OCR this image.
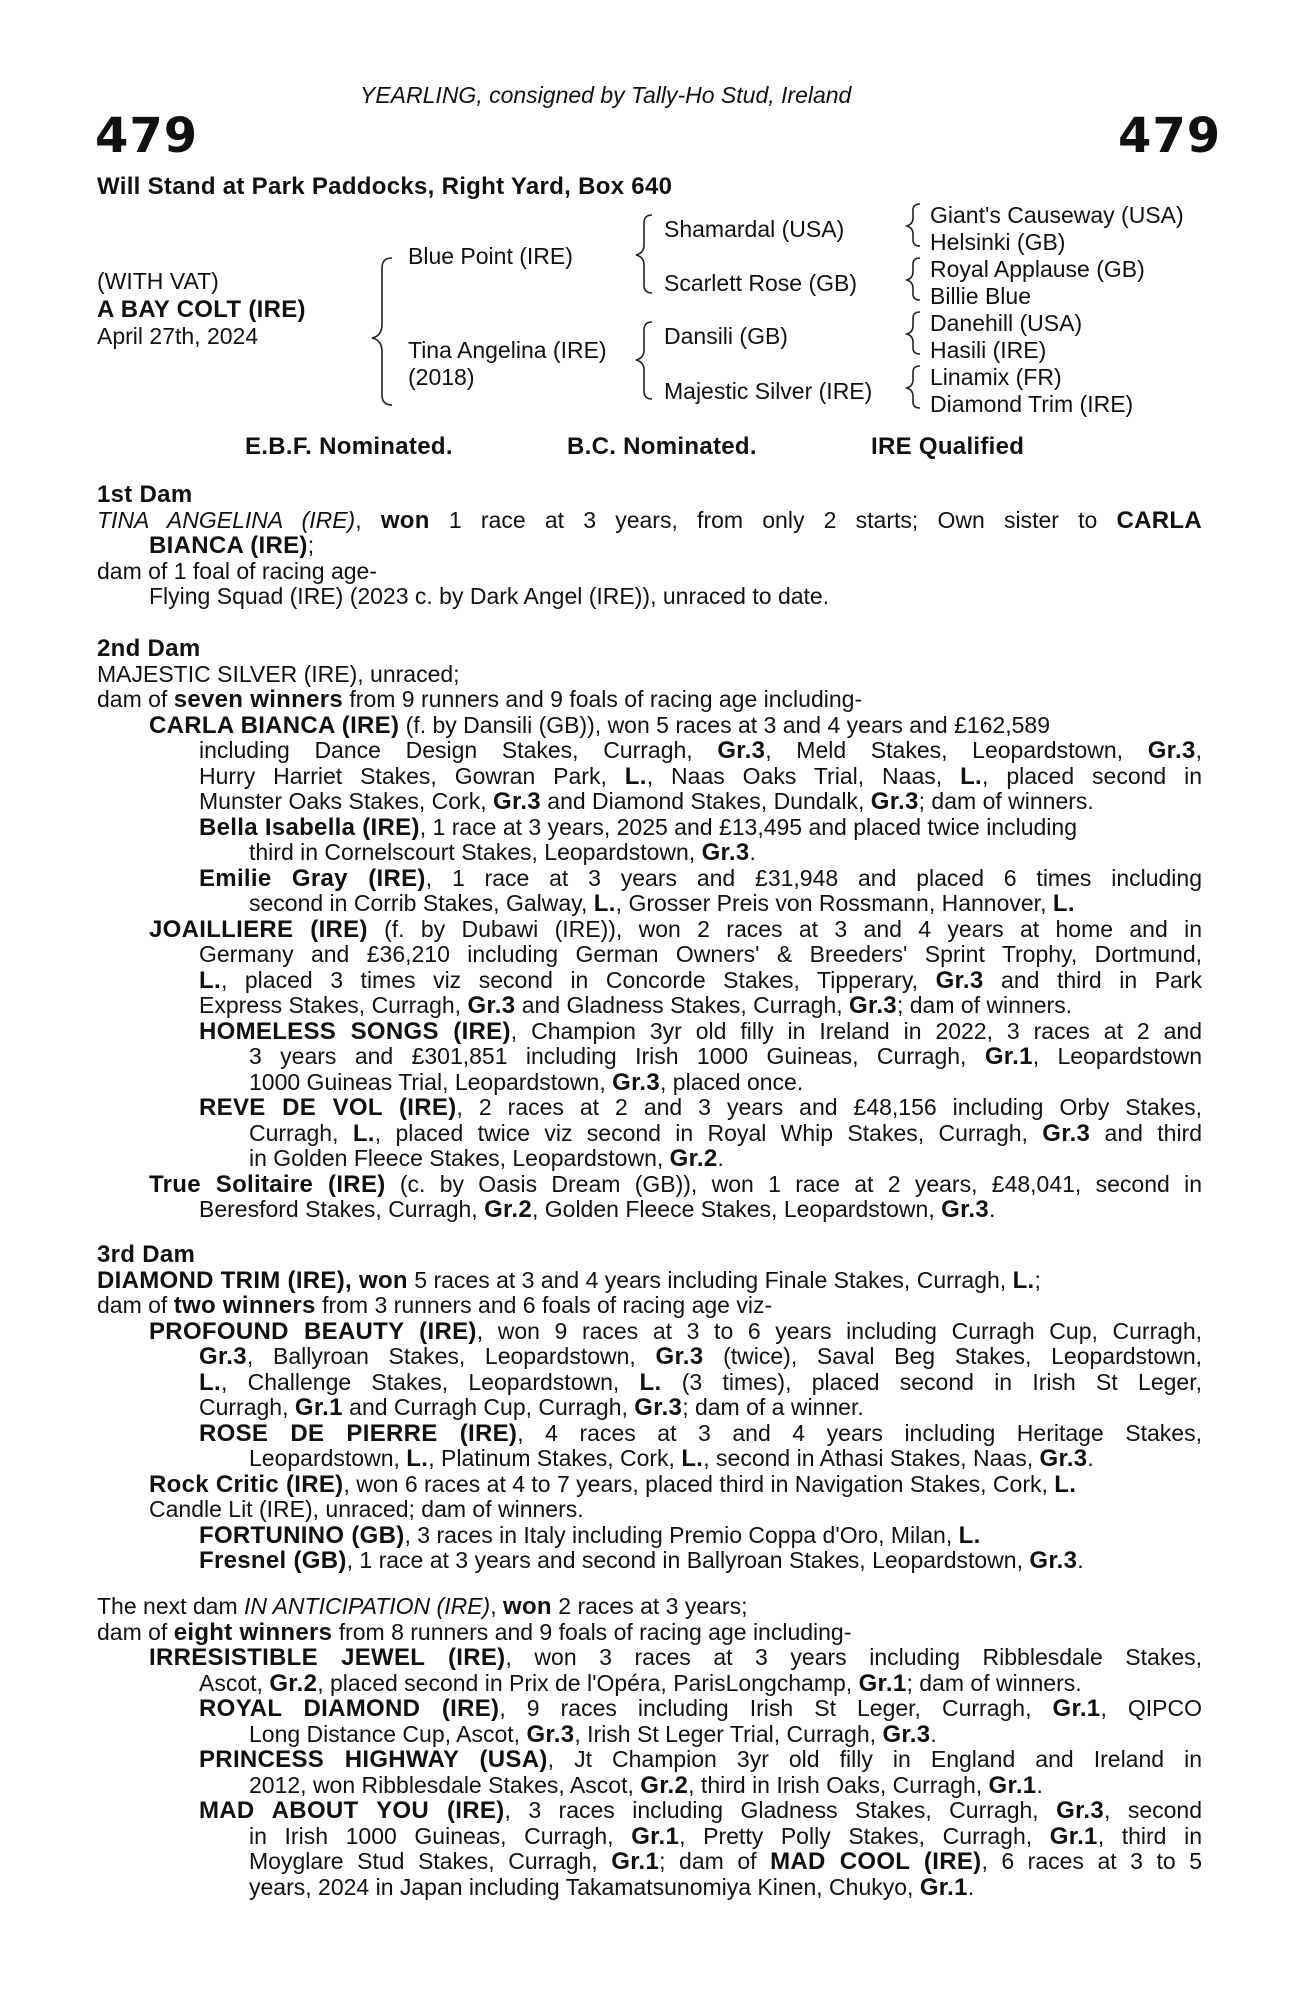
YEARLING, consigned by Tally-Ho Stud, Ireland
479	479
Will Stand at Park Paddocks, Right Yard, Box 640
(WITH VAT)
A BAY COLT (IRE)
April 27th, 2024
Blue Point (IRE)
Tina Angelina (IRE)
(2018)
Shamardal (USA)
Scarlett Rose (GB)
Dansili (GB)
Majestic Silver (IRE)
Giant's Causeway (USA)
Helsinki (GB)
Royal Applause (GB)
Billie Blue
Danehill (USA)
Hasili (IRE)
Linamix (FR)
Diamond Trim (IRE)
E.B.F. Nominated.	B.C. Nominated.	IRE Qualified
1st Dam
TINA ANGELINA (IRE), won 1 race at 3 years, from only 2 starts; Own sister to CARLA
BIANCA (IRE);
dam of 1 foal of racing age-
Flying Squad (IRE) (2023 c. by Dark Angel (IRE)), unraced to date.
2nd Dam
MAJESTIC SILVER (IRE), unraced;
dam of seven winners from 9 runners and 9 foals of racing age including-
CARLA BIANCA (IRE) (f. by Dansili (GB)), won 5 races at 3 and 4 years and £162,589
including Dance Design Stakes, Curragh, Gr.3, Meld Stakes, Leopardstown, Gr.3,
Hurry Harriet Stakes, Gowran Park, L., Naas Oaks Trial, Naas, L., placed second in
Munster Oaks Stakes, Cork, Gr.3 and Diamond Stakes, Dundalk, Gr.3; dam of winners.
Bella Isabella (IRE), 1 race at 3 years, 2025 and £13,495 and placed twice including
third in Cornelscourt Stakes, Leopardstown, Gr.3.
Emilie Gray (IRE), 1 race at 3 years and £31,948 and placed 6 times including
second in Corrib Stakes, Galway, L., Grosser Preis von Rossmann, Hannover, L.
JOAILLIERE (IRE) (f. by Dubawi (IRE)), won 2 races at 3 and 4 years at home and in
Germany and £36,210 including German Owners' & Breeders' Sprint Trophy, Dortmund,
L., placed 3 times viz second in Concorde Stakes, Tipperary, Gr.3 and third in Park
Express Stakes, Curragh, Gr.3 and Gladness Stakes, Curragh, Gr.3; dam of winners.
HOMELESS SONGS (IRE), Champion 3yr old filly in Ireland in 2022, 3 races at 2 and
3 years and £301,851 including Irish 1000 Guineas, Curragh, Gr.1, Leopardstown
1000 Guineas Trial, Leopardstown, Gr.3, placed once.
REVE DE VOL (IRE), 2 races at 2 and 3 years and £48,156 including Orby Stakes,
Curragh, L., placed twice viz second in Royal Whip Stakes, Curragh, Gr.3 and third
in Golden Fleece Stakes, Leopardstown, Gr.2.
True Solitaire (IRE) (c. by Oasis Dream (GB)), won 1 race at 2 years, £48,041, second in
Beresford Stakes, Curragh, Gr.2, Golden Fleece Stakes, Leopardstown, Gr.3.
3rd Dam
DIAMOND TRIM (IRE), won 5 races at 3 and 4 years including Finale Stakes, Curragh, L.;
dam of two winners from 3 runners and 6 foals of racing age viz-
PROFOUND BEAUTY (IRE), won 9 races at 3 to 6 years including Curragh Cup, Curragh,
Gr.3, Ballyroan Stakes, Leopardstown, Gr.3 (twice), Saval Beg Stakes, Leopardstown,
L., Challenge Stakes, Leopardstown, L. (3 times), placed second in Irish St Leger,
Curragh, Gr.1 and Curragh Cup, Curragh, Gr.3; dam of a winner.
ROSE DE PIERRE (IRE), 4 races at 3 and 4 years including Heritage Stakes,
Leopardstown, L., Platinum Stakes, Cork, L., second in Athasi Stakes, Naas, Gr.3.
Rock Critic (IRE), won 6 races at 4 to 7 years, placed third in Navigation Stakes, Cork, L.
Candle Lit (IRE), unraced; dam of winners.
FORTUNINO (GB), 3 races in Italy including Premio Coppa d'Oro, Milan, L.
Fresnel (GB), 1 race at 3 years and second in Ballyroan Stakes, Leopardstown, Gr.3.
The next dam IN ANTICIPATION (IRE), won 2 races at 3 years;
dam of eight winners from 8 runners and 9 foals of racing age including-
IRRESISTIBLE JEWEL (IRE), won 3 races at 3 years including Ribblesdale Stakes,
Ascot, Gr.2, placed second in Prix de l'Opéra, ParisLongchamp, Gr.1; dam of winners.
ROYAL DIAMOND (IRE), 9 races including Irish St Leger, Curragh, Gr.1, QIPCO
Long Distance Cup, Ascot, Gr.3, Irish St Leger Trial, Curragh, Gr.3.
PRINCESS HIGHWAY (USA), Jt Champion 3yr old filly in England and Ireland in
2012, won Ribblesdale Stakes, Ascot, Gr.2, third in Irish Oaks, Curragh, Gr.1.
MAD ABOUT YOU (IRE), 3 races including Gladness Stakes, Curragh, Gr.3, second
in Irish 1000 Guineas, Curragh, Gr.1, Pretty Polly Stakes, Curragh, Gr.1, third in
Moyglare Stud Stakes, Curragh, Gr.1; dam of MAD COOL (IRE), 6 races at 3 to 5
years, 2024 in Japan including Takamatsunomiya Kinen, Chukyo, Gr.1.
